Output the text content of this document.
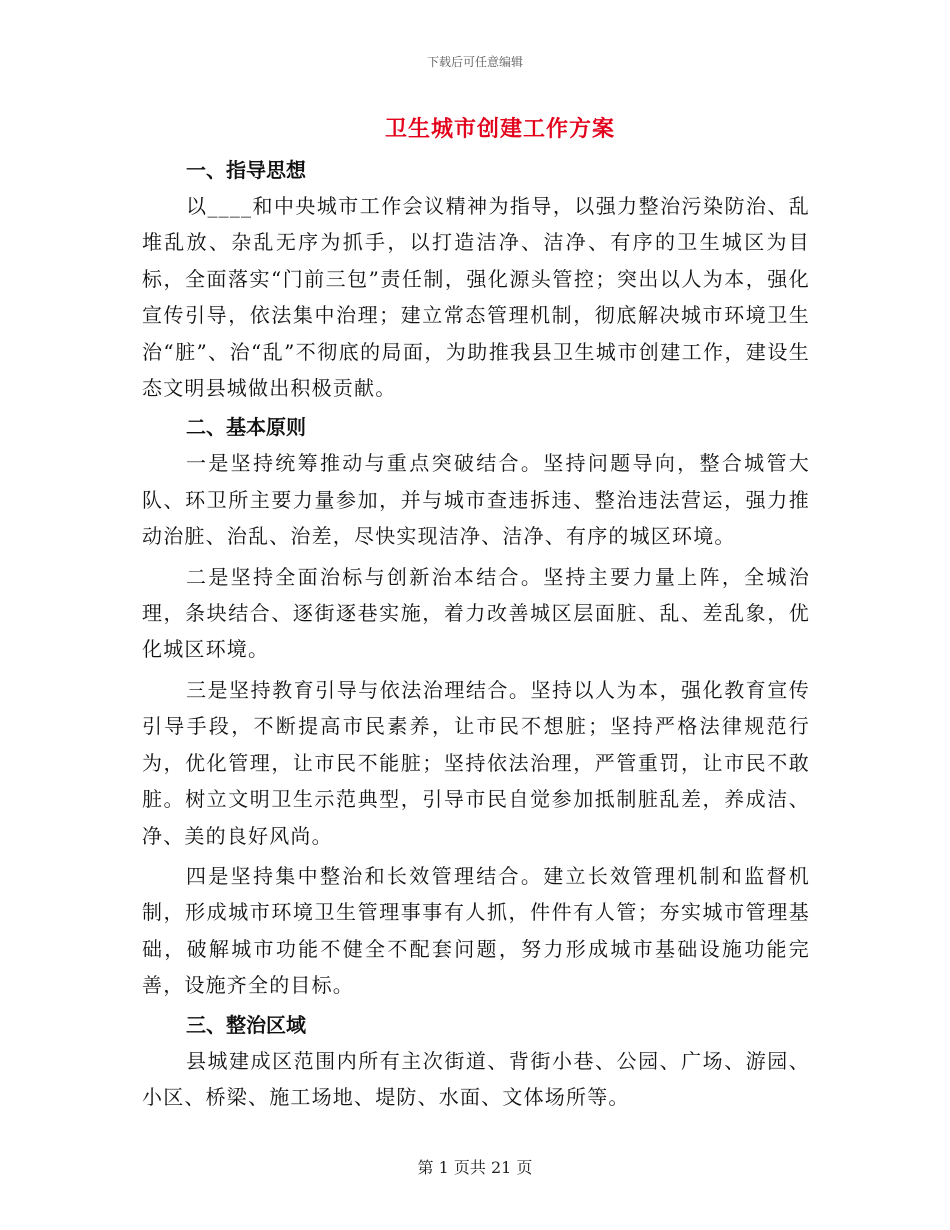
下载后可任意编辑
卫生城市创建工作方案

一、指导思想

以____和中央城市工作会议精神为指导，以强力整治污染防治、乱堆乱放、杂乱无序为抓手，以打造洁净、洁净、有序的卫生城区为目标，全面落实“门前三包”责任制，强化源头管控；突出以人为本，强化宣传引导，依法集中治理；建立常态管理机制，彻底解决城市环境卫生治“脏”、治“乱”不彻底的局面，为助推我县卫生城市创建工作，建设生态文明县城做出积极贡献。

二、基本原则

一是坚持统筹推动与重点突破结合。坚持问题导向，整合城管大队、环卫所主要力量参加，并与城市查违拆违、整治违法营运，强力推动治脏、治乱、治差，尽快实现洁净、洁净、有序的城区环境。

二是坚持全面治标与创新治本结合。坚持主要力量上阵，全城治理，条块结合、逐街逐巷实施，着力改善城区层面脏、乱、差乱象，优化城区环境。

三是坚持教育引导与依法治理结合。坚持以人为本，强化教育宣传引导手段，不断提高市民素养，让市民不想脏；坚持严格法律规范行为，优化管理，让市民不能脏；坚持依法治理，严管重罚，让市民不敢脏。树立文明卫生示范典型，引导市民自觉参加抵制脏乱差，养成洁、净、美的良好风尚。

四是坚持集中整治和长效管理结合。建立长效管理机制和监督机制，形成城市环境卫生管理事事有人抓，件件有人管；夯实城市管理基础，破解城市功能不健全不配套问题，努力形成城市基础设施功能完善，设施齐全的目标。

三、整治区域

县城建成区范围内所有主次街道、背街小巷、公园、广场、游园、小区、桥梁、施工场地、堤防、水面、文体场所等。

第 1 页共 21 页
